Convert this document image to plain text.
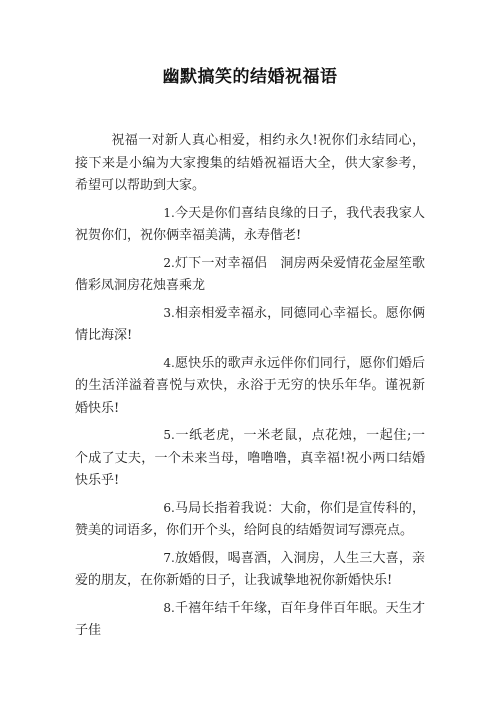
幽默搞笑的结婚祝福语

祝福一对新人真心相爱，相约永久!祝你们永结同心，接下来是小编为大家搜集的结婚祝福语大全，供大家参考，希望可以帮助到大家。

1.今天是你们喜结良缘的日子，我代表我家人祝贺你们，祝你俩幸福美满，永寿偕老!

2.灯下一对幸福侣　洞房两朵爱情花金屋笙歌偕彩凤洞房花烛喜乘龙

3.相亲相爱幸福永，同德同心幸福长。愿你俩情比海深!

4.愿快乐的歌声永远伴你们同行，愿你们婚后的生活洋溢着喜悦与欢快，永浴于无穷的快乐年华。谨祝新婚快乐!

5.一纸老虎，一米老鼠，点花烛，一起住;一个成了丈夫，一个未来当母，噜噜噜，真幸福!祝小两口结婚快乐乎!

6.马局长指着我说：大俞，你们是宣传科的，赞美的词语多，你们开个头，给阿良的结婚贺词写漂亮点。

7.放婚假，喝喜酒，入洞房，人生三大喜，亲爱的朋友，在你新婚的日子，让我诚挚地祝你新婚快乐!

8.千禧年结千年缘，百年身伴百年眠。天生才子佳
